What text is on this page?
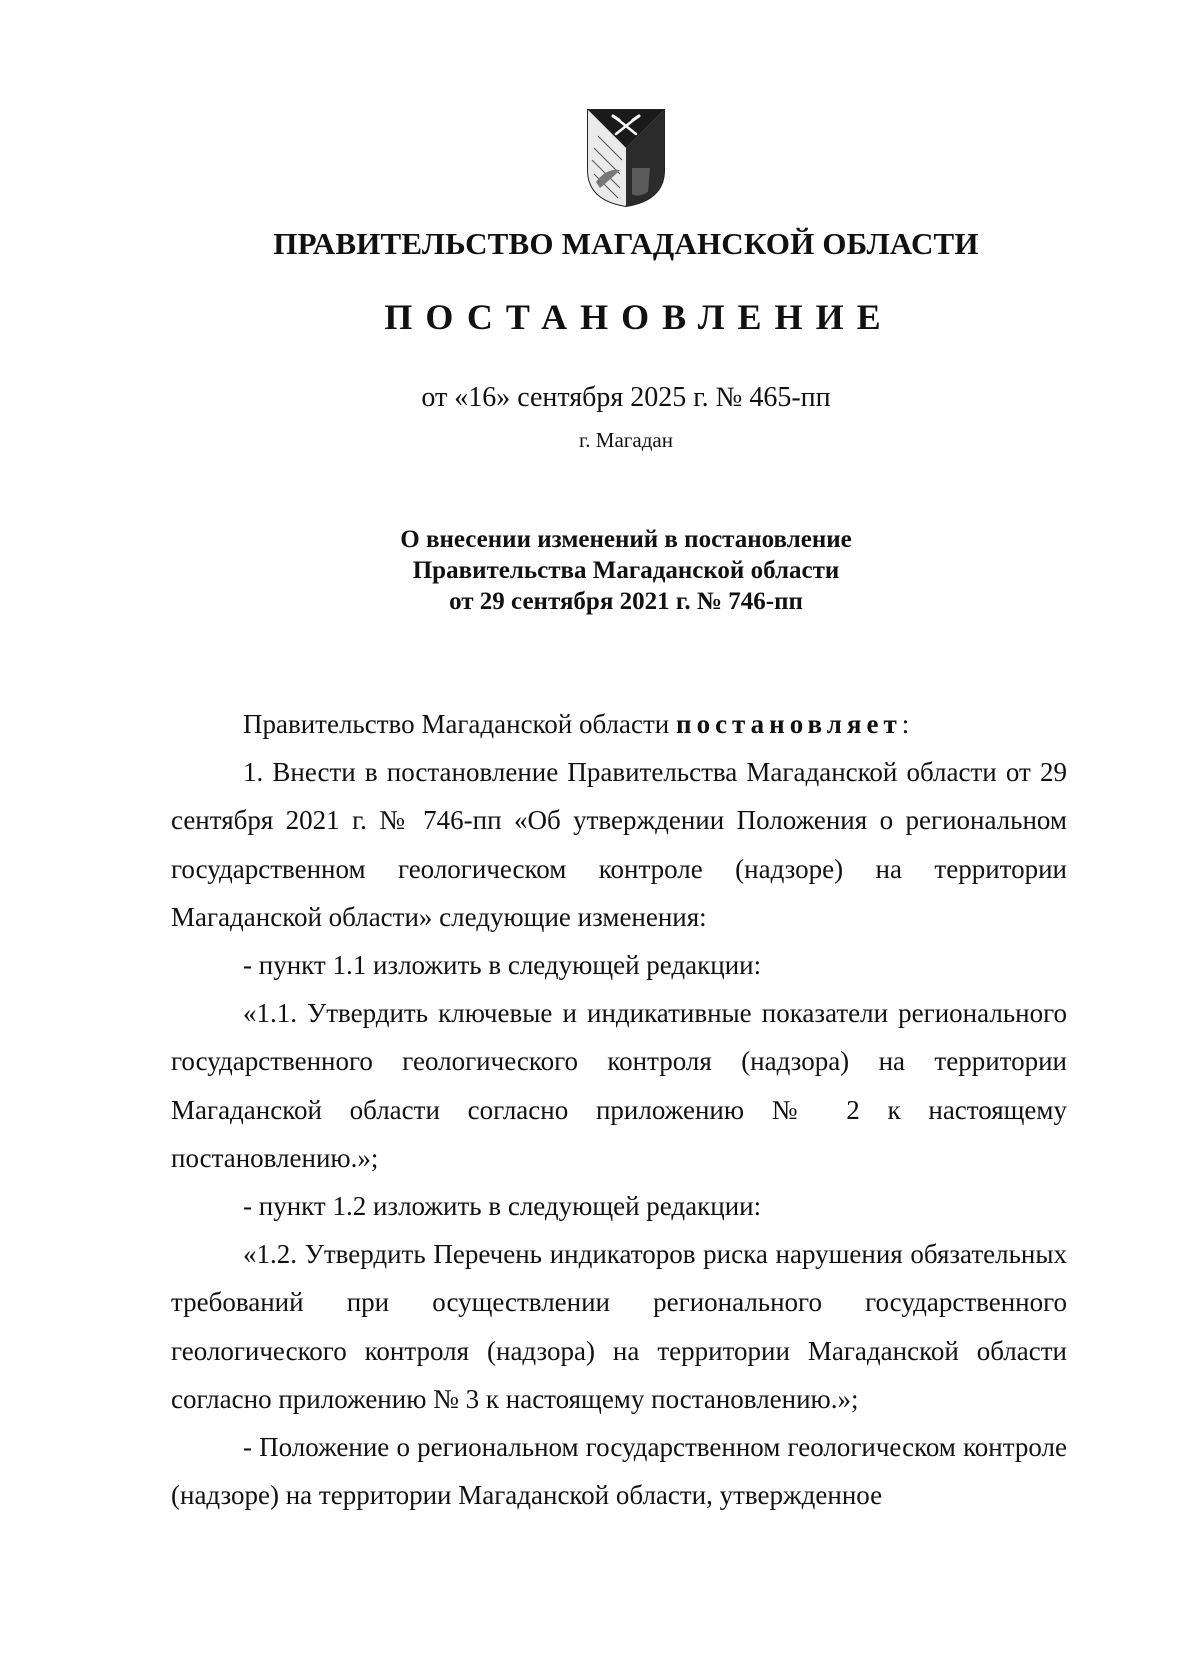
ПРАВИТЕЛЬСТВО МАГАДАНСКОЙ ОБЛАСТИ
ПОСТАНОВЛЕНИЕ
от «16» сентября 2025 г. № 465-пп
г. Магадан
О внесении изменений в постановление
Правительства Магаданской области
от 29 сентября 2021 г. № 746-пп

Правительство Магаданской области постановляет:

1. Внести в постановление Правительства Магаданской области от 29 сентября 2021 г. № 746-пп «Об утверждении Положения о региональном государственном геологическом контроле (надзоре) на территории Магаданской области» следующие изменения:

- пункт 1.1 изложить в следующей редакции:

«1.1. Утвердить ключевые и индикативные показатели регионального государственного геологического контроля (надзора) на территории Магаданской области согласно приложению № 2 к настоящему постановлению.»;

- пункт 1.2 изложить в следующей редакции:

«1.2. Утвердить Перечень индикаторов риска нарушения обязательных требований при осуществлении регионального государственного геологического контроля (надзора) на территории Магаданской области согласно приложению № 3 к настоящему постановлению.»;

- Положение о региональном государственном геологическом контроле (надзоре) на территории Магаданской области, утвержденное
